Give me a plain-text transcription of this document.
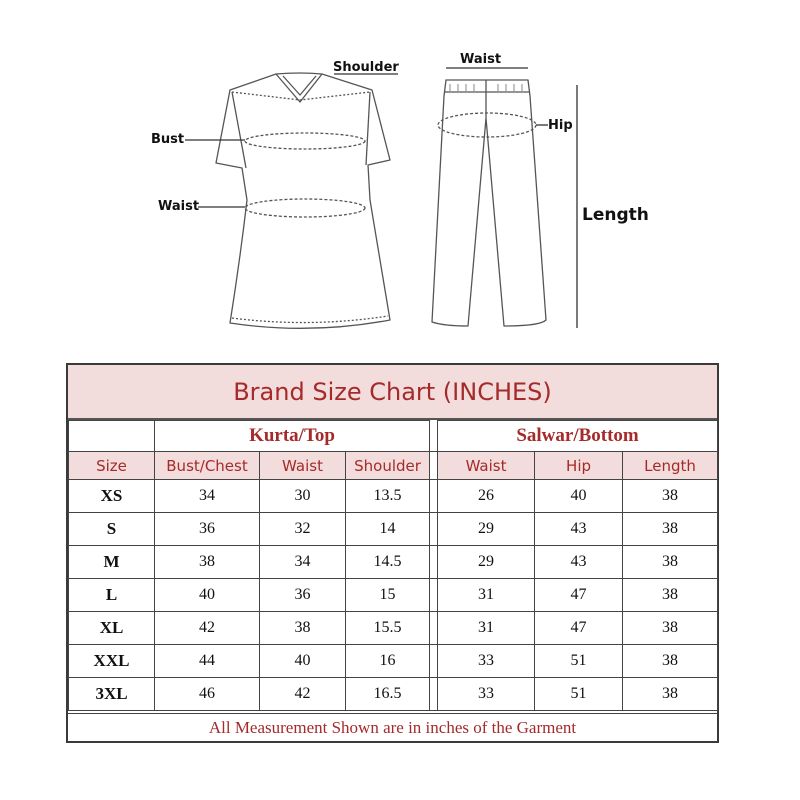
Shoulder
Bust
Waist
Waist
Hip
Length
Brand Size Chart (INCHES)
	Kurta/Top				Salwar/Bottom		
Size	Bust/Chest	Waist	Shoulder		Waist	Hip	Length
XS	34	30	13.5		26	40	38
S	36	32	14		29	43	38
M	38	34	14.5		29	43	38
L	40	36	15		31	47	38
XL	42	38	15.5		31	47	38
XXL	44	40	16		33	51	38
3XL	46	42	16.5		33	51	38
All Measurement Shown are in inches of the Garment
